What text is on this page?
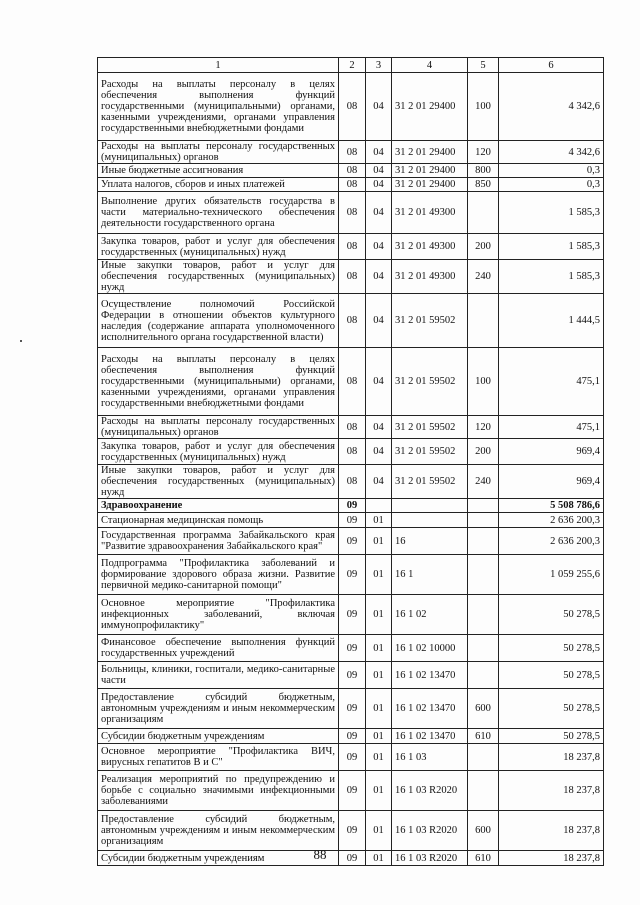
1	2	3	4	5	6
Расходы на выплаты персоналу в целях обеспечения выполнения функций государственными (муниципальными) органами, казенными учреждениями, органами управления государственными внебюджетными фондами	08	04	31 2 01 29400	100	4 342,6
Расходы на выплаты персоналу государственных (муниципальных) органов	08	04	31 2 01 29400	120	4 342,6
Иные бюджетные ассигнования	08	04	31 2 01 29400	800	0,3
Уплата налогов, сборов и иных платежей	08	04	31 2 01 29400	850	0,3
Выполнение других обязательств государства в части материально-технического обеспечения деятельности государственного органа	08	04	31 2 01 49300		1 585,3
Закупка товаров, работ и услуг для обеспечения государственных (муниципальных) нужд	08	04	31 2 01 49300	200	1 585,3
Иные закупки товаров, работ и услуг для обеспечения государственных (муниципальных) нужд	08	04	31 2 01 49300	240	1 585,3
Осуществление полномочий Российской Федерации в отношении объектов культурного наследия (содержание аппарата уполномоченного исполнительного органа государственной власти)	08	04	31 2 01 59502		1 444,5
Расходы на выплаты персоналу в целях обеспечения выполнения функций государственными (муниципальными) органами, казенными учреждениями, органами управления государственными внебюджетными фондами	08	04	31 2 01 59502	100	475,1
Расходы на выплаты персоналу государственных (муниципальных) органов	08	04	31 2 01 59502	120	475,1
Закупка товаров, работ и услуг для обеспечения государственных (муниципальных) нужд	08	04	31 2 01 59502	200	969,4
Иные закупки товаров, работ и услуг для обеспечения государственных (муниципальных) нужд	08	04	31 2 01 59502	240	969,4
Здравоохранение	09				5 508 786,6
Стационарная медицинская помощь	09	01			2 636 200,3
Государственная программа Забайкальского края "Развитие здравоохранения Забайкальского края"	09	01	16		2 636 200,3
Подпрограмма "Профилактика заболеваний и формирование здорового образа жизни. Развитие первичной медико-санитарной помощи"	09	01	16 1		1 059 255,6
Основное мероприятие "Профилактика инфекционных заболеваний, включая иммунопрофилактику"	09	01	16 1 02		50 278,5
Финансовое обеспечение выполнения функций государственных учреждений	09	01	16 1 02 10000		50 278,5
Больницы, клиники, госпитали, медико-санитарные части	09	01	16 1 02 13470		50 278,5
Предоставление субсидий бюджетным, автономным учреждениям и иным некоммерческим организациям	09	01	16 1 02 13470	600	50 278,5
Субсидии бюджетным учреждениям	09	01	16 1 02 13470	610	50 278,5
Основное мероприятие "Профилактика ВИЧ, вирусных гепатитов В и С"	09	01	16 1 03		18 237,8
Реализация мероприятий по предупреждению и борьбе с социально значимыми инфекционными заболеваниями	09	01	16 1 03 R2020		18 237,8
Предоставление субсидий бюджетным, автономным учреждениям и иным некоммерческим организациям	09	01	16 1 03 R2020	600	18 237,8
Субсидии бюджетным учреждениям	09	01	16 1 03 R2020	610	18 237,8
88
